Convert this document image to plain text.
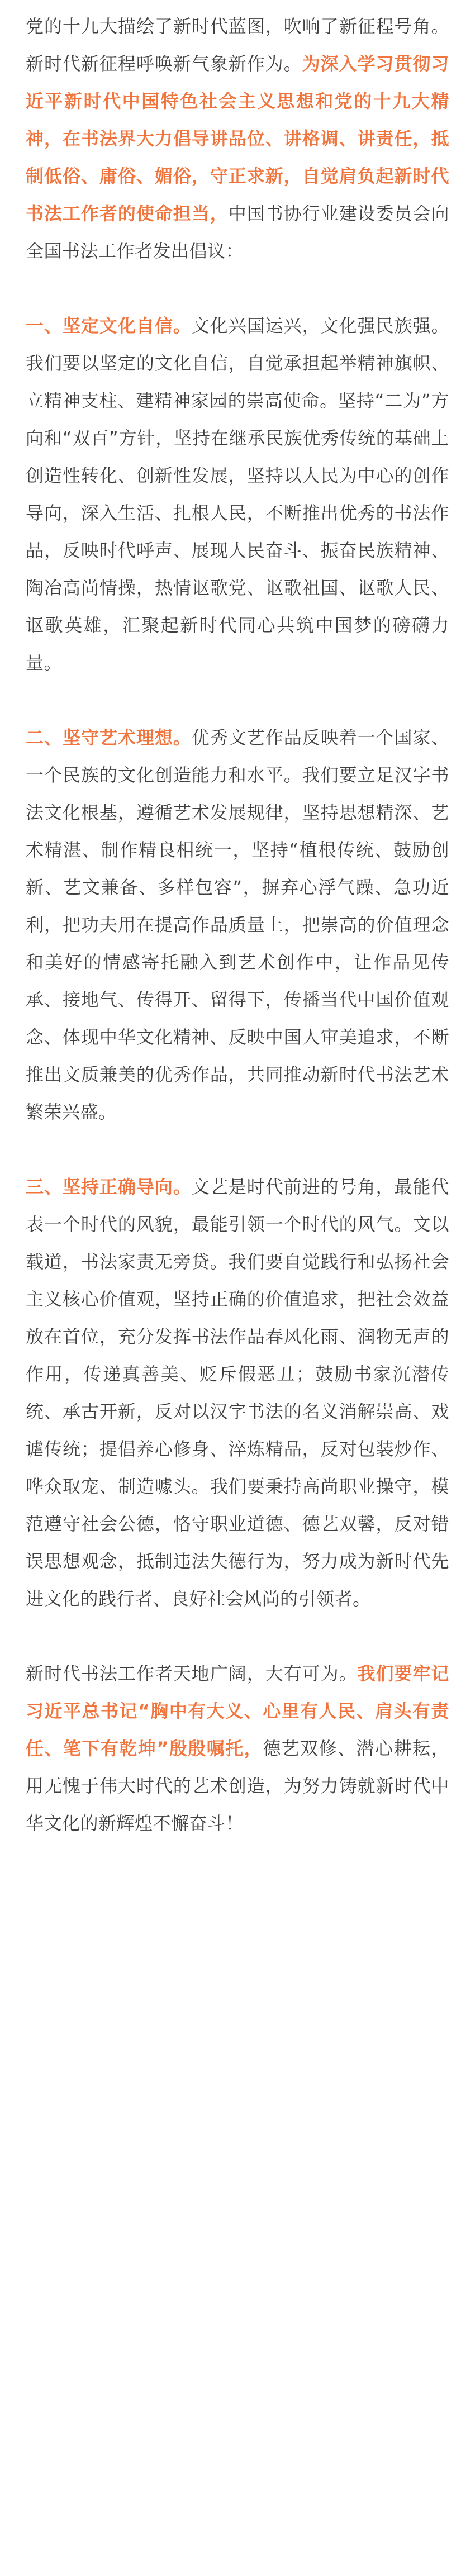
党的十九大描绘了新时代蓝图，吹响了新征程号角。新时代新征程呼唤新气象新作为。为深入学习贯彻习近平新时代中国特色社会主义思想和党的十九大精神，在书法界大力倡导讲品位、讲格调、讲责任，抵制低俗、庸俗、媚俗，守正求新，自觉肩负起新时代书法工作者的使命担当，中国书协行业建设委员会向全国书法工作者发出倡议：

一、坚定文化自信。文化兴国运兴，文化强民族强。我们要以坚定的文化自信，自觉承担起举精神旗帜、立精神支柱、建精神家园的崇高使命。坚持“二为”方向和“双百”方针，坚持在继承民族优秀传统的基础上创造性转化、创新性发展，坚持以人民为中心的创作导向，深入生活、扎根人民，不断推出优秀的书法作品，反映时代呼声、展现人民奋斗、振奋民族精神、陶冶高尚情操，热情讴歌党、讴歌祖国、讴歌人民、讴歌英雄，汇聚起新时代同心共筑中国梦的磅礴力量。

二、坚守艺术理想。优秀文艺作品反映着一个国家、一个民族的文化创造能力和水平。我们要立足汉字书法文化根基，遵循艺术发展规律，坚持思想精深、艺术精湛、制作精良相统一，坚持“植根传统、鼓励创新、艺文兼备、多样包容”，摒弃心浮气躁、急功近利，把功夫用在提高作品质量上，把崇高的价值理念和美好的情感寄托融入到艺术创作中，让作品见传承、接地气、传得开、留得下，传播当代中国价值观念、体现中华文化精神、反映中国人审美追求，不断推出文质兼美的优秀作品，共同推动新时代书法艺术繁荣兴盛。

三、坚持正确导向。文艺是时代前进的号角，最能代表一个时代的风貌，最能引领一个时代的风气。文以载道，书法家责无旁贷。我们要自觉践行和弘扬社会主义核心价值观，坚持正确的价值追求，把社会效益放在首位，充分发挥书法作品春风化雨、润物无声的作用，传递真善美、贬斥假恶丑；鼓励书家沉潜传统、承古开新，反对以汉字书法的名义消解崇高、戏谑传统；提倡养心修身、淬炼精品，反对包装炒作、哗众取宠、制造噱头。我们要秉持高尚职业操守，模范遵守社会公德，恪守职业道德、德艺双馨，反对错误思想观念，抵制违法失德行为，努力成为新时代先进文化的践行者、良好社会风尚的引领者。

新时代书法工作者天地广阔，大有可为。我们要牢记习近平总书记“胸中有大义、心里有人民、肩头有责任、笔下有乾坤”殷殷嘱托，德艺双修、潜心耕耘，用无愧于伟大时代的艺术创造，为努力铸就新时代中华文化的新辉煌不懈奋斗！
